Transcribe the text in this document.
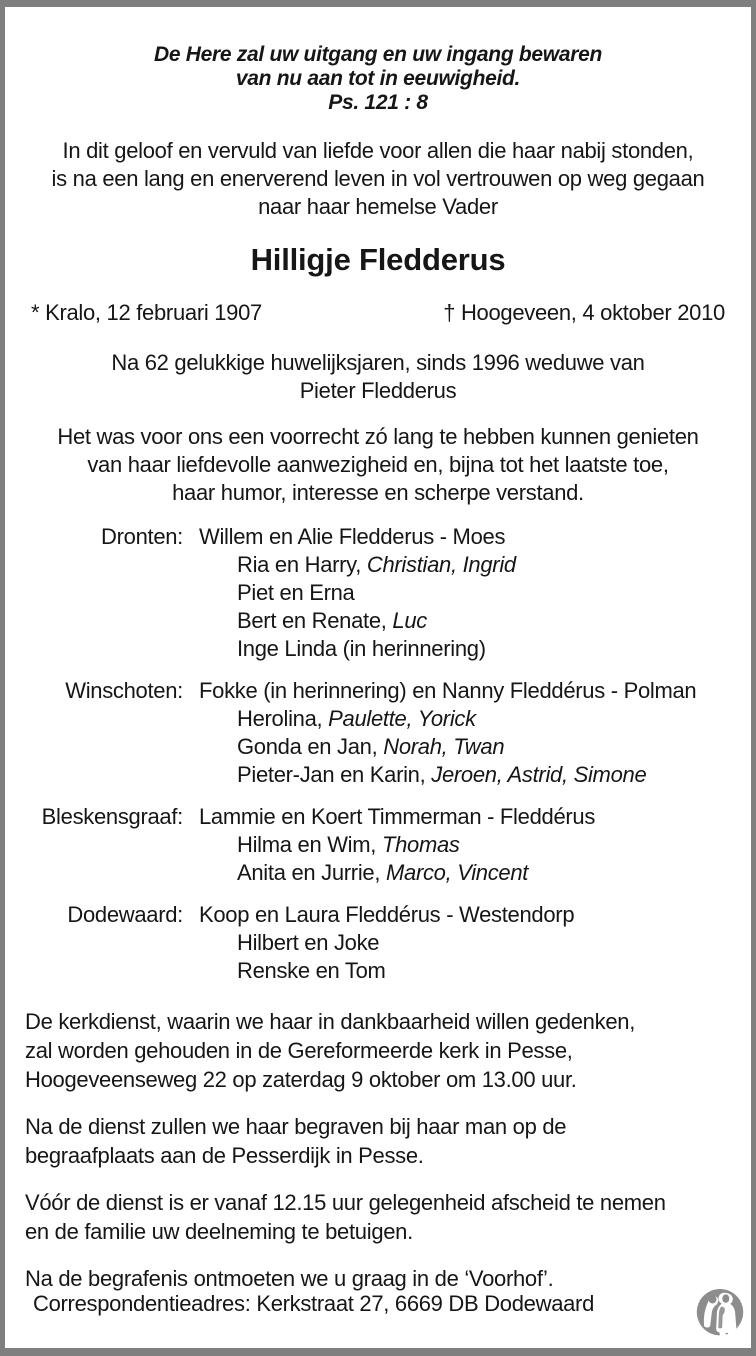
De Here zal uw uitgang en uw ingang bewaren
van nu aan tot in eeuwigheid.
Ps. 121 : 8
In dit geloof en vervuld van liefde voor allen die haar nabij stonden,
is na een lang en enerverend leven in vol vertrouwen op weg gegaan
naar haar hemelse Vader
Hilligje Fledderus
* Kralo, 12 februari 1907	† Hoogeveen, 4 oktober 2010
Na 62 gelukkige huwelijksjaren, sinds 1996 weduwe van
Pieter Fledderus
Het was voor ons een voorrecht zó lang te hebben kunnen genieten
van haar liefdevolle aanwezigheid en, bijna tot het laatste toe,
haar humor, interesse en scherpe verstand.
Dronten: Willem en Alie Fledderus - Moes
Ria en Harry, Christian, Ingrid
Piet en Erna
Bert en Renate, Luc
Inge Linda (in herinnering)
Winschoten: Fokke (in herinnering) en Nanny Fleddérus - Polman
Herolina, Paulette, Yorick
Gonda en Jan, Norah, Twan
Pieter-Jan en Karin, Jeroen, Astrid, Simone
Bleskensgraaf: Lammie en Koert Timmerman - Fleddérus
Hilma en Wim, Thomas
Anita en Jurrie, Marco, Vincent
Dodewaard: Koop en Laura Fleddérus - Westendorp
Hilbert en Joke
Renske en Tom
De kerkdienst, waarin we haar in dankbaarheid willen gedenken,
zal worden gehouden in de Gereformeerde kerk in Pesse,
Hoogeveenseweg 22 op zaterdag 9 oktober om 13.00 uur.
Na de dienst zullen we haar begraven bij haar man op de
begraafplaats aan de Pesserdijk in Pesse.
Vóór de dienst is er vanaf 12.15 uur gelegenheid afscheid te nemen
en de familie uw deelneming te betuigen.
Na de begrafenis ontmoeten we u graag in de ‘Voorhof’.
Correspondentieadres: Kerkstraat 27, 6669 DB Dodewaard
